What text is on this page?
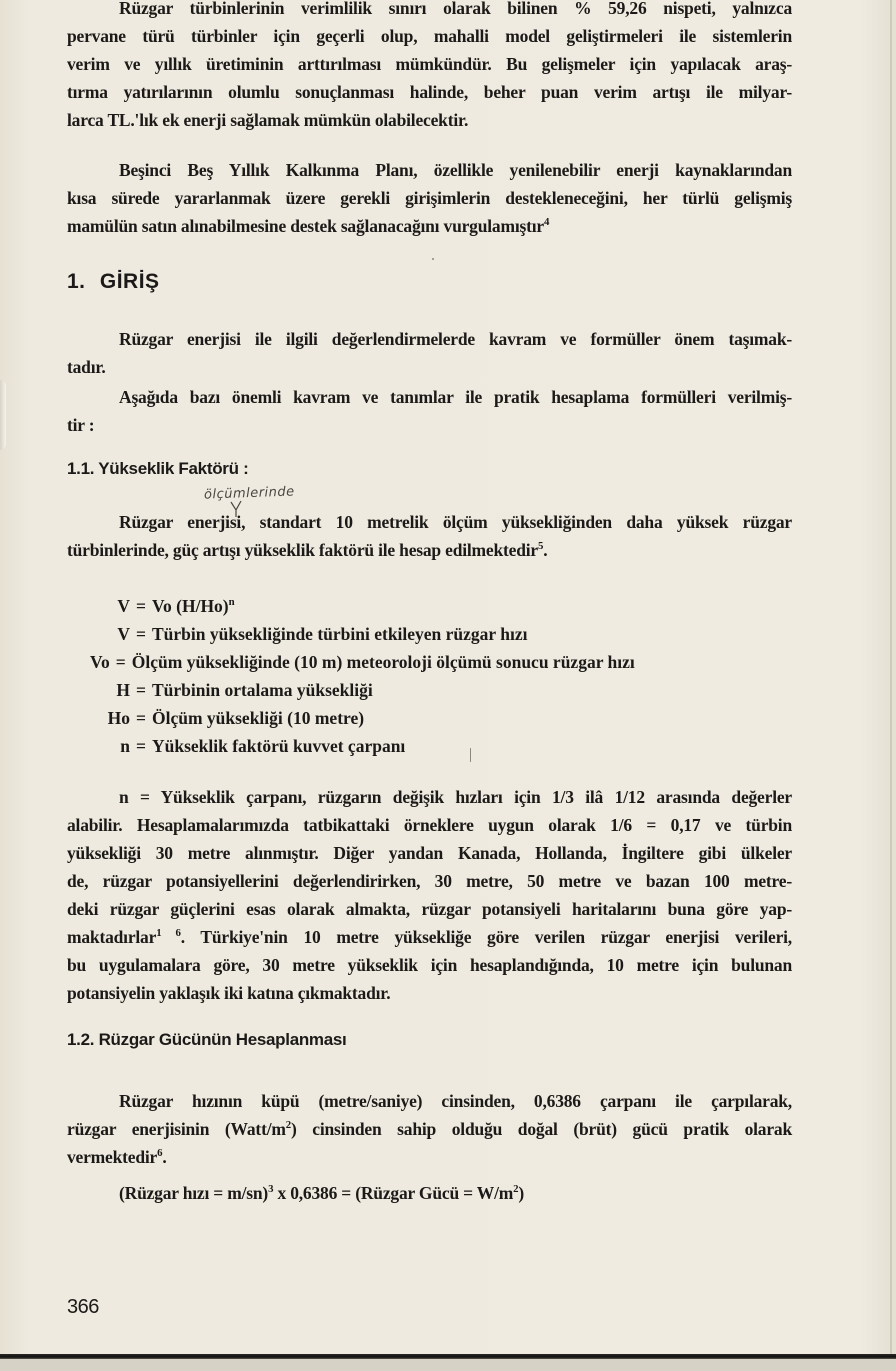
Rüzgar türbinlerinin verimlilik sınırı olarak bilinen % 59,26 nispeti, yalnızca
pervane türü türbinler için geçerli olup, mahalli model geliştirmeleri ile sistemlerin
verim ve yıllık üretiminin arttırılması mümkündür. Bu gelişmeler için yapılacak araş-
tırma yatırılarının olumlu sonuçlanması halinde, beher puan verim artışı ile milyar-
larca TL.'lık ek enerji sağlamak mümkün olabilecektir.
Beşinci Beş Yıllık Kalkınma Planı, özellikle yenilenebilir enerji kaynaklarından
kısa sürede yararlanmak üzere gerekli girişimlerin destekleneceğini, her türlü gelişmiş
mamülün satın alınabilmesine destek sağlanacağını vurgulamıştır$^4$
1. GİRİŞ
Rüzgar enerjisi ile ilgili değerlendirmelerde kavram ve formüller önem taşımak-
tadır.
Aşağıda bazı önemli kavram ve tanımlar ile pratik hesaplama formülleri verilmiş-
tir :
1.1. Yükseklik Faktörü :
ölçümlerinde
Rüzgar enerjisi, standart 10 metrelik ölçüm yüksekliğinden daha yüksek rüzgar
türbinlerinde, güç artışı yükseklik faktörü ile hesap edilmektedir$^5$.
V = Vo $(H/Ho)^n$
V = Türbin yüksekliğinde türbini etkileyen rüzgar hızı
Vo = Ölçüm yüksekliğinde (10 m) meteoroloji ölçümü sonucu rüzgar hızı
H = Türbinin ortalama yüksekliği
Ho = Ölçüm yüksekliği (10 metre)
n = Yükseklik faktörü kuvvet çarpanı
n = Yükseklik çarpanı, rüzgarın değişik hızları için 1/3 ilâ 1/12 arasında değerler
alabilir. Hesaplamalarımızda tatbikattaki örneklere uygun olarak 1/6 = 0,17 ve türbin
yüksekliği 30 metre alınmıştır. Diğer yandan Kanada, Hollanda, İngiltere gibi ülkeler
de, rüzgar potansiyellerini değerlendirirken, 30 metre, 50 metre ve bazan 100 metre-
deki rüzgar güçlerini esas olarak almakta, rüzgar potansiyeli haritalarını buna göre yap-
maktadırlar$^{1 6}$. Türkiye'nin 10 metre yüksekliğe göre verilen rüzgar enerjisi verileri,
bu uygulamalara göre, 30 metre yükseklik için hesaplandığında, 10 metre için bulunan
potansiyelin yaklaşık iki katına çıkmaktadır.
1.2. Rüzgar Gücünün Hesaplanması
Rüzgar hızının küpü (metre/saniye) cinsinden, 0,6386 çarpanı ile çarpılarak,
rüzgar enerjisinin $(Watt/m^2)$ cinsinden sahip olduğu doğal (brüt) gücü pratik olarak
vermektedir$^6$.
(Rüzgar hızı = m/sn)$^3$ x 0,6386 = (Rüzgar Gücü = $W/m^2$)
366
